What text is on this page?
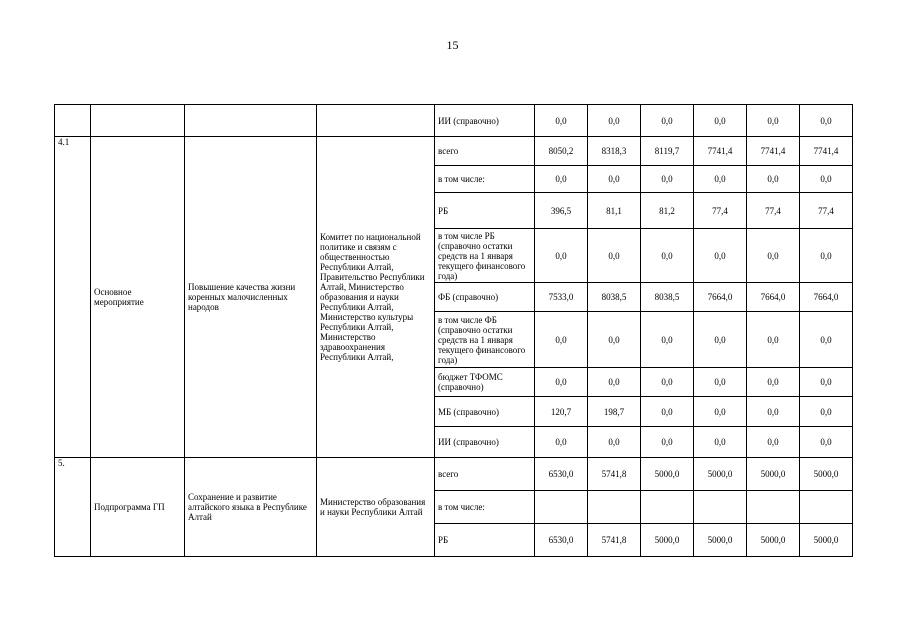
15
				ИИ (справочно)	0,0	0,0	0,0	0,0	0,0	0,0
4.1	Основное мероприятие	Повышение качества жизни коренных малочисленных народов	Комитет по национальной политике и связям с общественностью Республики Алтай, Правительство Республики Алтай, Министерство образования и науки Республики Алтай, Министерство культуры Республики Алтай, Министерство здравоохранения Республики Алтай,	всего	8050,2	8318,3	8119,7	7741,4	7741,4	7741,4
				в том числе:	0,0	0,0	0,0	0,0	0,0	0,0
				РБ	396,5	81,1	81,2	77,4	77,4	77,4
				в том числе РБ (справочно остатки средств на 1 января текущего финансового года)	0,0	0,0	0,0	0,0	0,0	0,0
				ФБ (справочно)	7533,0	8038,5	8038,5	7664,0	7664,0	7664,0
				в том числе ФБ (справочно остатки средств на 1 января текущего финансового года)	0,0	0,0	0,0	0,0	0,0	0,0
				бюджет ТФОМС (справочно)	0,0	0,0	0,0	0,0	0,0	0,0
				МБ (справочно)	120,7	198,7	0,0	0,0	0,0	0,0
				ИИ (справочно)	0,0	0,0	0,0	0,0	0,0	0,0
5.	Подпрограмма ГП	Сохранение и развитие алтайского языка в Республике Алтай	Министерство образования и науки Республики Алтай	всего	6530,0	5741,8	5000,0	5000,0	5000,0	5000,0
				в том числе:						
				РБ	6530,0	5741,8	5000,0	5000,0	5000,0	5000,0
